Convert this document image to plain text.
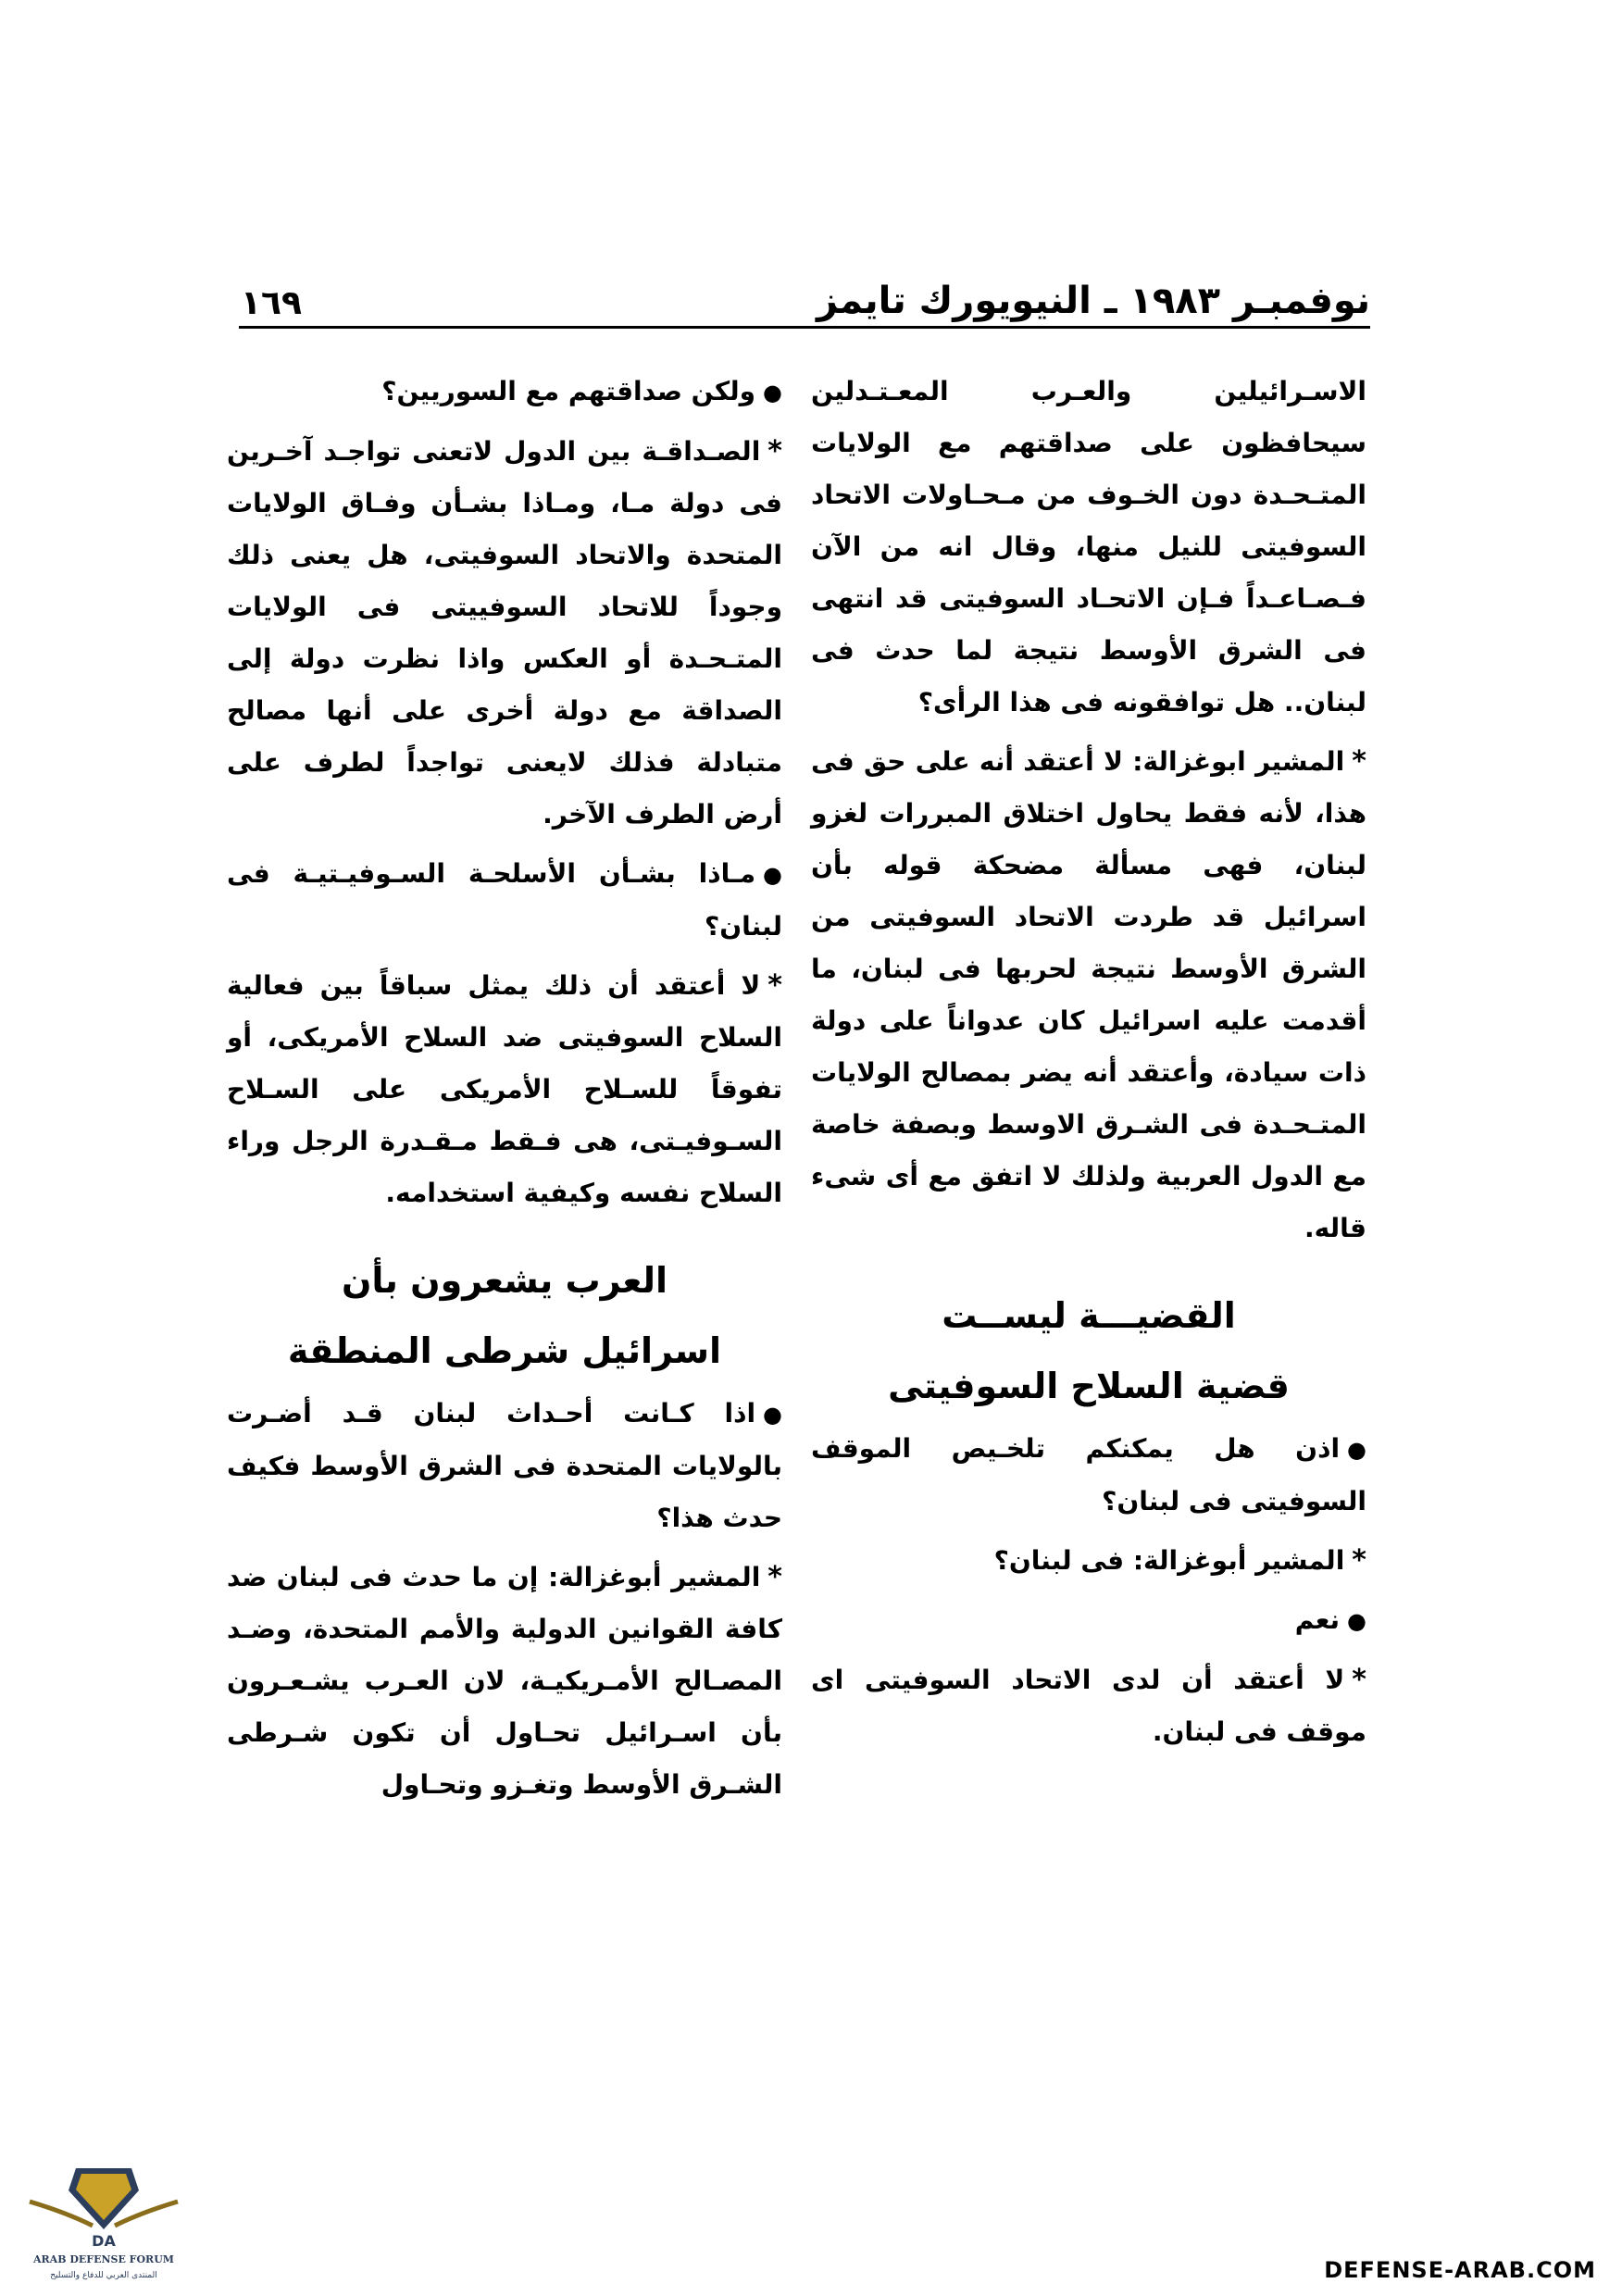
١٦٩	نوفمبـر ١٩٨٣ ـ النيويورك تايمز

الاسـرائيلين والعـرب المعـتـدلين سيحافظون على صداقتهم مع الولايات المتـحـدة دون الخـوف من مـحـاولات الاتحاد السوفيتى للنيل منها، وقال انه من الآن فـصـاعـداً فـإن الاتحـاد السوفيتى قد انتهى فى الشرق الأوسط نتيجة لما حدث فى لبنان.. هل توافقونه فى هذا الرأى؟

*المشير ابوغزالة: لا أعتقد أنه على حق فى هذا، لأنه فقط يحاول اختلاق المبررات لغزو لبنان، فهى مسألة مضحكة قوله بأن اسرائيل قد طردت الاتحاد السوفيتى من الشرق الأوسط نتيجة لحربها فى لبنان، ما أقدمت عليه اسرائيل كان عدواناً على دولة ذات سيادة، وأعتقد أنه يضر بمصالح الولايات المتـحـدة فى الشـرق الاوسط وبصفة خاصة مع الدول العربية ولذلك لا اتفق مع أى شىء قاله.

القضيـــة ليســت
قضية السلاح السوفيتى

●اذن هل يمكنكم تلخـيص الموقف السوفيتى فى لبنان؟

*المشير أبوغزالة: فى لبنان؟

●نعم

*لا أعتقد أن لدى الاتحاد السوفيتى اى موقف فى لبنان.

●ولكن صداقتهم مع السوريين؟

*الصـداقـة بين الدول لاتعنى تواجـد آخـرين فى دولة مـا، ومـاذا بشـأن وفـاق الولايات المتحدة والاتحاد السوفيتى، هل يعنى ذلك وجوداً للاتحاد السوفييتى فى الولايات المتـحـدة أو العكس واذا نظرت دولة إلى الصداقة مع دولة أخرى على أنها مصالح متبادلة فذلك لايعنى تواجداً لطرف على أرض الطرف الآخر.

●مـاذا بشـأن الأسلحـة السـوفيـتيـة فى لبنان؟

*لا أعتقد أن ذلك يمثل سباقاً بين فعالية السلاح السوفيتى ضد السلاح الأمريكى، أو تفوقاً للسـلاح الأمريكى على السـلاح السـوفيـتى، هى فـقط مـقـدرة الرجل وراء السلاح نفسه وكيفية استخدامه.

العرب يشعرون بأن
اسرائيل شرطى المنطقة

●اذا كـانت أحـداث لبنان قـد أضـرت بالولايات المتحدة فى الشرق الأوسط فكيف حدث هذا؟

*المشير أبوغزالة: إن ما حدث فى لبنان ضد كافة القوانين الدولية والأمم المتحدة، وضـد المصـالح الأمـريكيـة، لان العـرب يشـعـرون بأن اسـرائيل تحـاول أن تكون شـرطى الشـرق الأوسط وتغـزو وتحـاول

DA
ARAB DEFENSE FORUM
المنتدى العربي للدفاع والتسليح	DEFENSE-ARAB.COM
